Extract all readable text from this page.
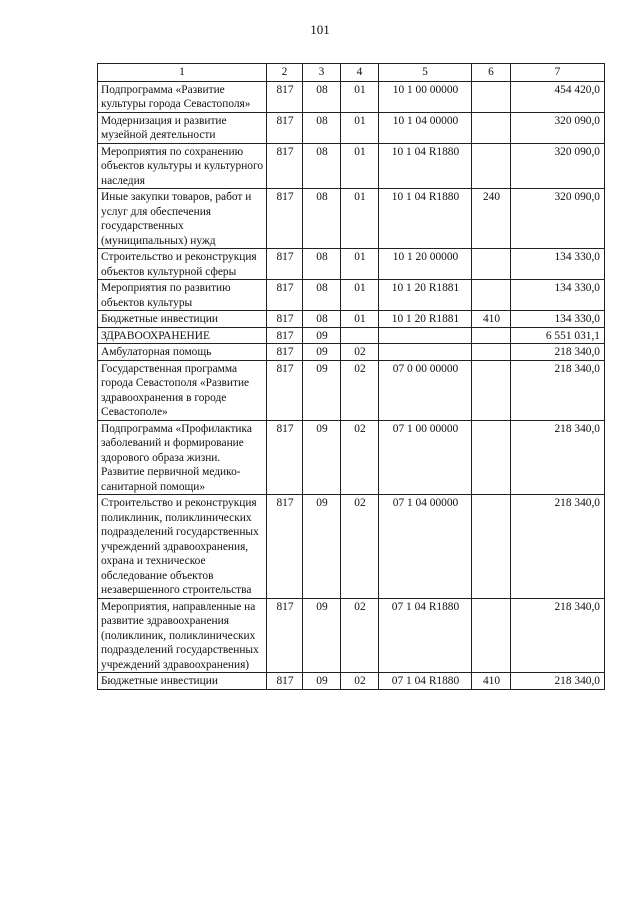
101
1	2	3	4	5	6	7
Подпрограмма «Развитие культуры города Севастополя»	817	08	01	10 1 00 00000		454 420,0
Модернизация и развитие музейной деятельности	817	08	01	10 1 04 00000		320 090,0
Мероприятия по сохранению объектов культуры и культурного наследия	817	08	01	10 1 04 R1880		320 090,0
Иные закупки товаров, работ и услуг для обеспечения государственных (муниципальных) нужд	817	08	01	10 1 04 R1880	240	320 090,0
Строительство и реконструкция объектов культурной сферы	817	08	01	10 1 20 00000		134 330,0
Мероприятия по развитию объектов культуры	817	08	01	10 1 20 R1881		134 330,0
Бюджетные инвестиции	817	08	01	10 1 20 R1881	410	134 330,0
ЗДРАВООХРАНЕНИЕ	817	09				6 551 031,1
Амбулаторная помощь	817	09	02			218 340,0
Государственная программа города Севастополя «Развитие здравоохранения в городе Севастополе»	817	09	02	07 0 00 00000		218 340,0
Подпрограмма «Профилактика заболеваний и формирование здорового образа жизни. Развитие первичной медико-санитарной помощи»	817	09	02	07 1 00 00000		218 340,0
Строительство и реконструкция поликлиник, поликлинических подразделений государственных учреждений здравоохранения, охрана и техническое обследование объектов незавершенного строительства	817	09	02	07 1 04 00000		218 340,0
Мероприятия, направленные на развитие здравоохранения (поликлиник, поликлинических подразделений государственных учреждений здравоохранения)	817	09	02	07 1 04 R1880		218 340,0
Бюджетные инвестиции	817	09	02	07 1 04 R1880	410	218 340,0
